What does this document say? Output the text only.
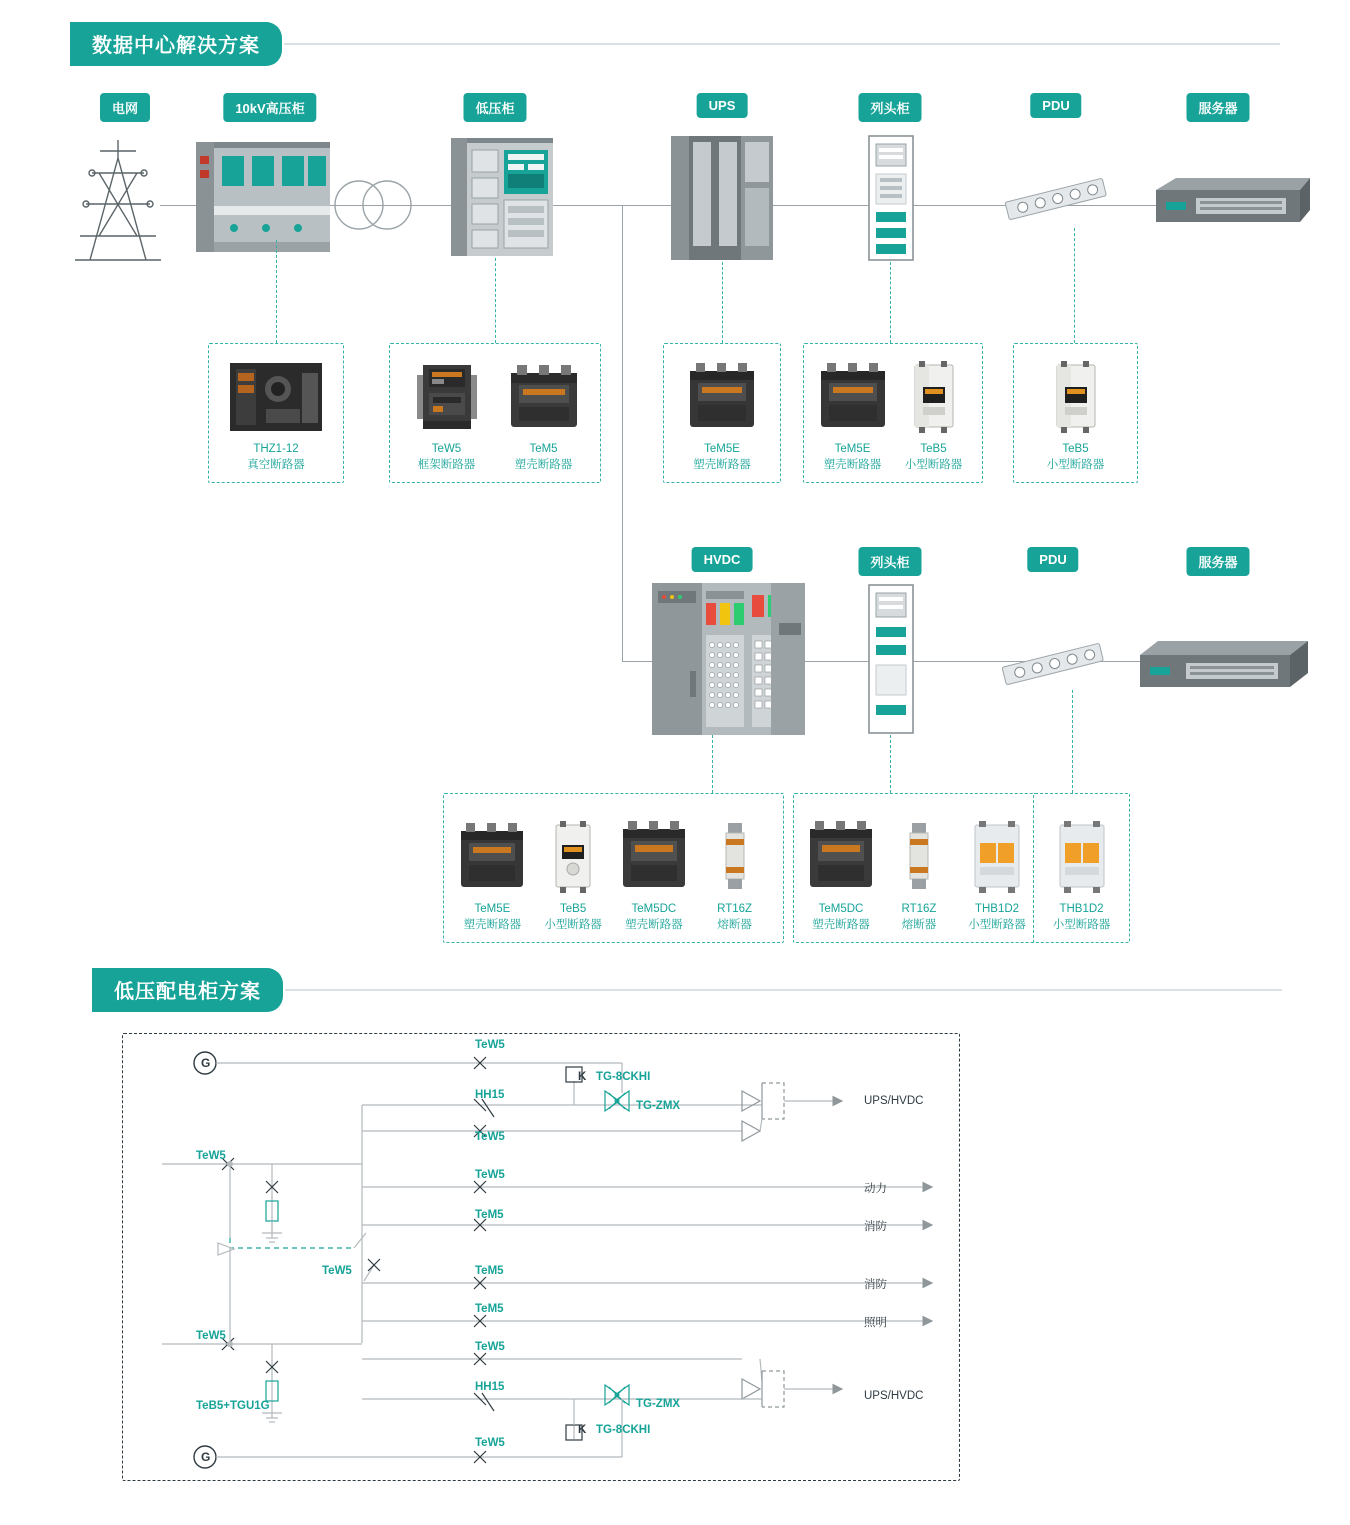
数据中心解决方案
电网	10kV高压柜	低压柜	UPS	列头柜	PDU	服务器
THZ1-12
真空断路器
TeW5
框架断路器
TeM5
塑壳断路器
TeM5E
塑壳断路器
TeM5E
塑壳断路器
TeB5
小型断路器
TeB5
小型断路器
HVDC	列头柜	PDU	服务器
TeM5E
塑壳断路器
TeB5
小型断路器
TeM5DC
塑壳断路器
RT16Z
熔断器
TeM5DC
塑壳断路器
RT16Z
熔断器
THB1D2
小型断路器
THB1D2
小型断路器
低压配电柜方案
TeW5
HH15
K TG-8CKHI
TG-ZMX
TeW5
TeW5
TeM5
TeW5
TeW5	TeM5
TeM5
TeW5
TeW5
TeB5+TGU1G
HH15
TG-ZMX
K TG-8CKHI
TeW5
G
G
UPS/HVDC
动力
消防
消防
照明
UPS/HVDC
